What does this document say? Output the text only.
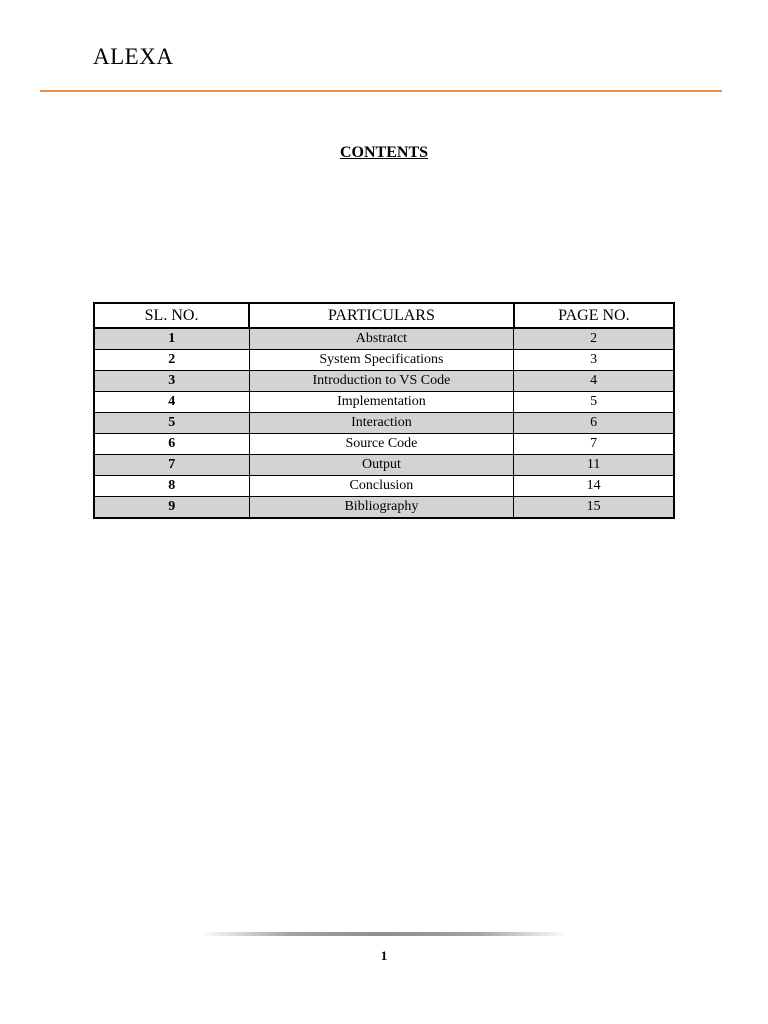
ALEXA
CONTENTS
SL. NO.	PARTICULARS	PAGE NO.
1	Abstratct	2
2	System Specifications	3
3	Introduction to VS Code	4
4	Implementation	5
5	Interaction	6
6	Source Code	7
7	Output	11
8	Conclusion	14
9	Bibliography	15
1
